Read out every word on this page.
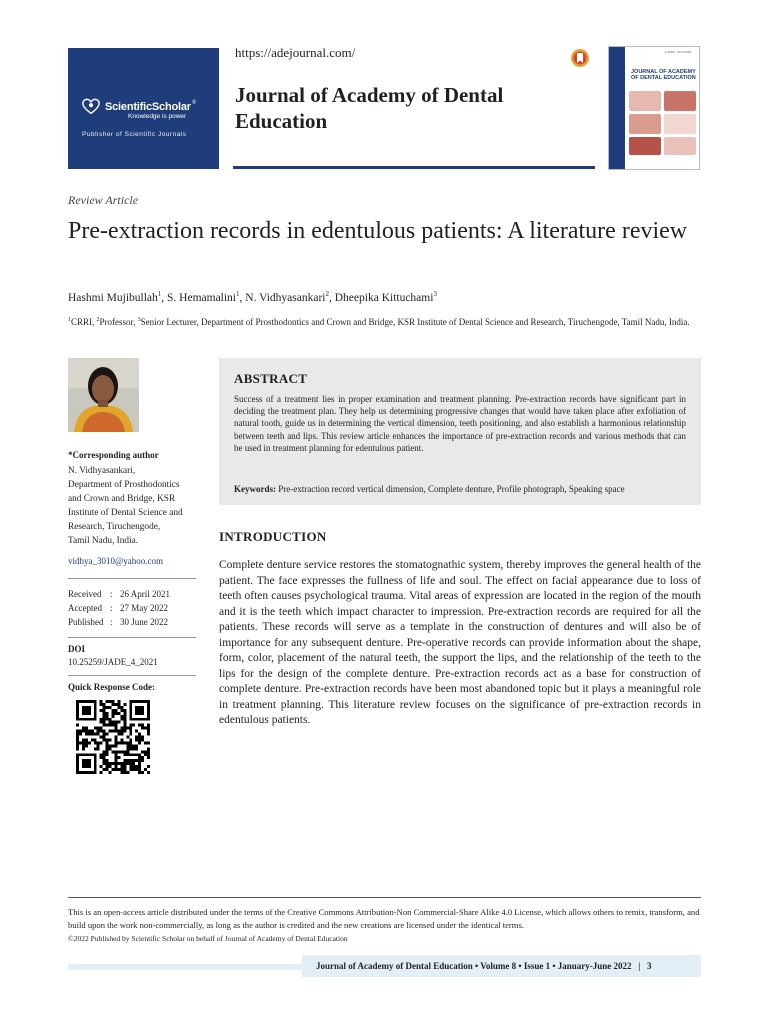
ScientificScholar®
Knowledge is power
Publisher of Scientific Journals
https://adejournal.com/
Journal of Academy of Dental Education
e-ISSN · Print ISSN
JOURNAL OF ACADEMY OF DENTAL EDUCATION
Review Article
Pre-extraction records in edentulous patients: A literature review
Hashmi Mujibullah$^1$, S. Hemamalini$^1$, N. Vidhyasankari$^2$, Dheepika Kittuchami$^3$
$^1$CRRI, $^2$Professor, $^3$Senior Lecturer, Department of Prosthodontics and Crown and Bridge, KSR Institute of Dental Science and Research, Tiruchengode, Tamil Nadu, India.
*Corresponding author
N. Vidhyasankari,
Department of Prosthodontics
and Crown and Bridge, KSR
Institute of Dental Science and
Research, Tiruchengode,
Tamil Nadu, India.
vidhya_3010@yahoo.com
Received : 26 April 2021
Accepted : 27 May 2022
Published : 30 June 2022
DOI
10.25259/JADE_4_2021
Quick Response Code:
ABSTRACT

Success of a treatment lies in proper examination and treatment planning. Pre-extraction records have significant part in deciding the treatment plan. They help us determining progressive changes that would have taken place after exfoliation of natural tooth, guide us in determining the vertical dimension, teeth positioning, and also establish a harmonious relationship between teeth and lips. This review article enhances the importance of pre-extraction records and various methods that can be used in treatment planning for edentulous patient.

Keywords: Pre-extraction record vertical dimension, Complete denture, Profile photograph, Speaking space
INTRODUCTION

Complete denture service restores the stomatognathic system, thereby improves the general health of the patient. The face expresses the fullness of life and soul. The effect on facial appearance due to loss of teeth often causes psychological trauma. Vital areas of expression are located in the region of the mouth and it is the teeth which impact character to impression. Pre-extraction records are required for all the patients. These records will serve as a template in the construction of dentures and will also be of importance for any subsequent denture. Pre-operative records can provide information about the shape, form, color, placement of the natural teeth, the support the lips, and the relationship of the teeth to the lips for the design of the complete denture. Pre-extraction records act as a base for construction of complete denture. Pre-extraction records have been most abandoned topic but it plays a meaningful role in treatment planning. This literature review focuses on the significance of pre-extraction records in edentulous patients.

This is an open-access article distributed under the terms of the Creative Commons Attribution-Non Commercial-Share Alike 4.0 License, which allows others to remix, transform, and build upon the work non-commercially, as long as the author is credited and the new creations are licensed under the identical terms.
©2022 Published by Scientific Scholar on behalf of Journal of Academy of Dental Education
Journal of Academy of Dental Education • Volume 8 • Issue 1 • January-June 2022   |   3
